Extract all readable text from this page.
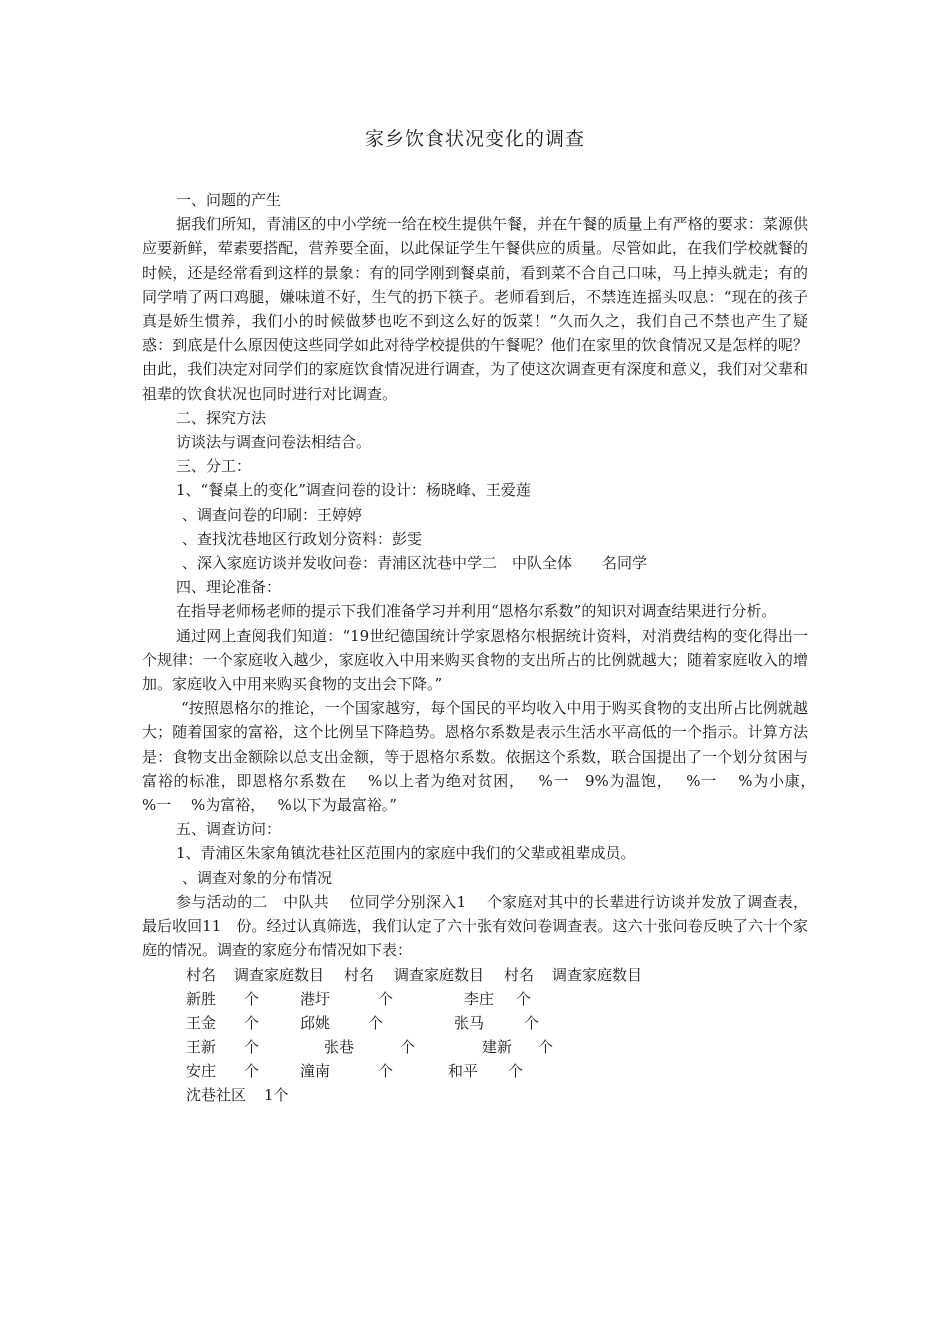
家乡饮食状况变化的调查

一、问题的产生

据我们所知，青浦区的中小学统一给在校生提供午餐，并在午餐的质量上有严格的要求：菜源供应要新鲜，荤素要搭配，营养要全面，以此保证学生午餐供应的质量。尽管如此，在我们学校就餐的时候，还是经常看到这样的景象：有的同学刚到餐桌前，看到菜不合自己口味，马上掉头就走；有的同学啃了两口鸡腿，嫌味道不好，生气的扔下筷子。老师看到后，不禁连连摇头叹息：“现在的孩子真是娇生惯养，我们小的时候做梦也吃不到这么好的饭菜！”久而久之，我们自己不禁也产生了疑惑：到底是什么原因使这些同学如此对待学校提供的午餐呢？他们在家里的饮食情况又是怎样的呢？由此，我们决定对同学们的家庭饮食情况进行调查，为了使这次调查更有深度和意义，我们对父辈和祖辈的饮食状况也同时进行对比调查。

二、探究方法

访谈法与调查问卷法相结合。

三、分工：

1、“餐桌上的变化”调查问卷的设计：杨晓峰、王爱莲

、调查问卷的印刷：王婷婷

、查找沈巷地区行政划分资料：彭雯

、深入家庭访谈并发收问卷：青浦区沈巷中学二　中队全体　　名同学

四、理论准备：

在指导老师杨老师的提示下我们准备学习并利用“恩格尔系数”的知识对调查结果进行分析。

通过网上查阅我们知道：“19世纪德国统计学家恩格尔根据统计资料，对消费结构的变化得出一个规律：一个家庭收入越少，家庭收入中用来购买食物的支出所占的比例就越大；随着家庭收入的增加。家庭收入中用来购买食物的支出会下降。”

“按照恩格尔的推论，一个国家越穷，每个国民的平均收入中用于购买食物的支出所占比例就越大；随着国家的富裕，这个比例呈下降趋势。恩格尔系数是表示生活水平高低的一个指示。计算方法是：食物支出金额除以总支出金额，等于恩格尔系数。依据这个系数，联合国提出了一个划分贫困与富裕的标准，即恩格尔系数在　 %以上者为绝对贫困，　 %一　9%为温饱，　 %一　 %为小康，　 %一　 %为富裕，　 %以下为最富裕。”

五、调查访问：

1、青浦区朱家角镇沈巷社区范围内的家庭中我们的父辈或祖辈成员。

、调查对象的分布情况

参与活动的二　中队共　 位同学分别深入1　 个家庭对其中的长辈进行访谈并发放了调查表，最后收回11　份。经过认真筛选，我们认定了六十张有效问卷调查表。这六十张问卷反映了六十个家庭的情况。调查的家庭分布情况如下表：

村名 调查家庭数目 村名 调查家庭数目 村名 调查家庭数目
新胜 个	港圩	个	李庄 个
王金 个	邱姚	个	张马	个
王新 个	张巷	个	建新 个
安庄 个	潼南	个	和平 个
沈巷社区 1个
